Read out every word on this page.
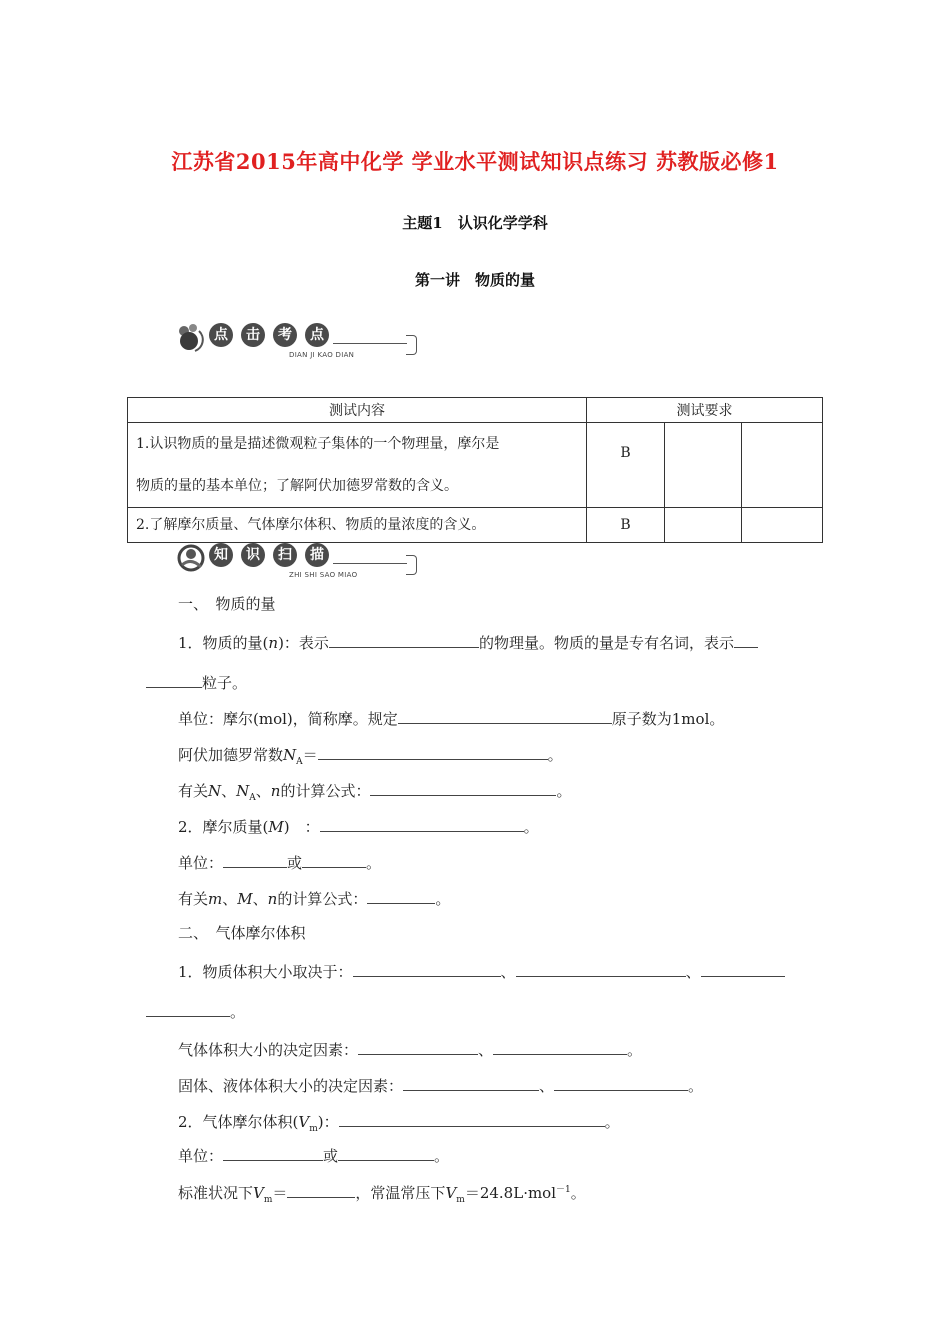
江苏省2015年高中化学 学业水平测试知识点练习 苏教版必修1
主题1　认识化学学科
第一讲　物质的量
点	击	考	点
DIAN JI KAO DIAN
测试内容	测试要求		

1.认识物质的量是描述微观粒子集体的一个物理量，摩尔是
物质的量的基本单位；了解阿伏加德罗常数的含义。	B		
2.了解摩尔质量、气体摩尔体积、物质的量浓度的含义。	B		
知	识	扫	描
ZHI SHI SAO MIAO
一、　物质的量
1．物质的量(n)：表示	的物理量。物质的量是专有名词，表示
粒子。
单位：摩尔(mol)，简称摩。规定	原子数为1mol。
阿伏加德罗常数$N_A=$	。
有关N、$N_A$、n的计算公式：	。
2．摩尔质量(M)　：	。
单位：	或	。
有关m、M、n的计算公式：	。
二、　气体摩尔体积
1．物质体积大小取决于：	、	、
。
气体体积大小的决定因素：	、	。
固体、液体体积大小的决定因素：	、	。
2．气体摩尔体积$(V_m)$：	。
单位：	或	。
标准状况下$V_m=$	，常温常压下$V_m=24.8L\cdot mol^{-1}$。
